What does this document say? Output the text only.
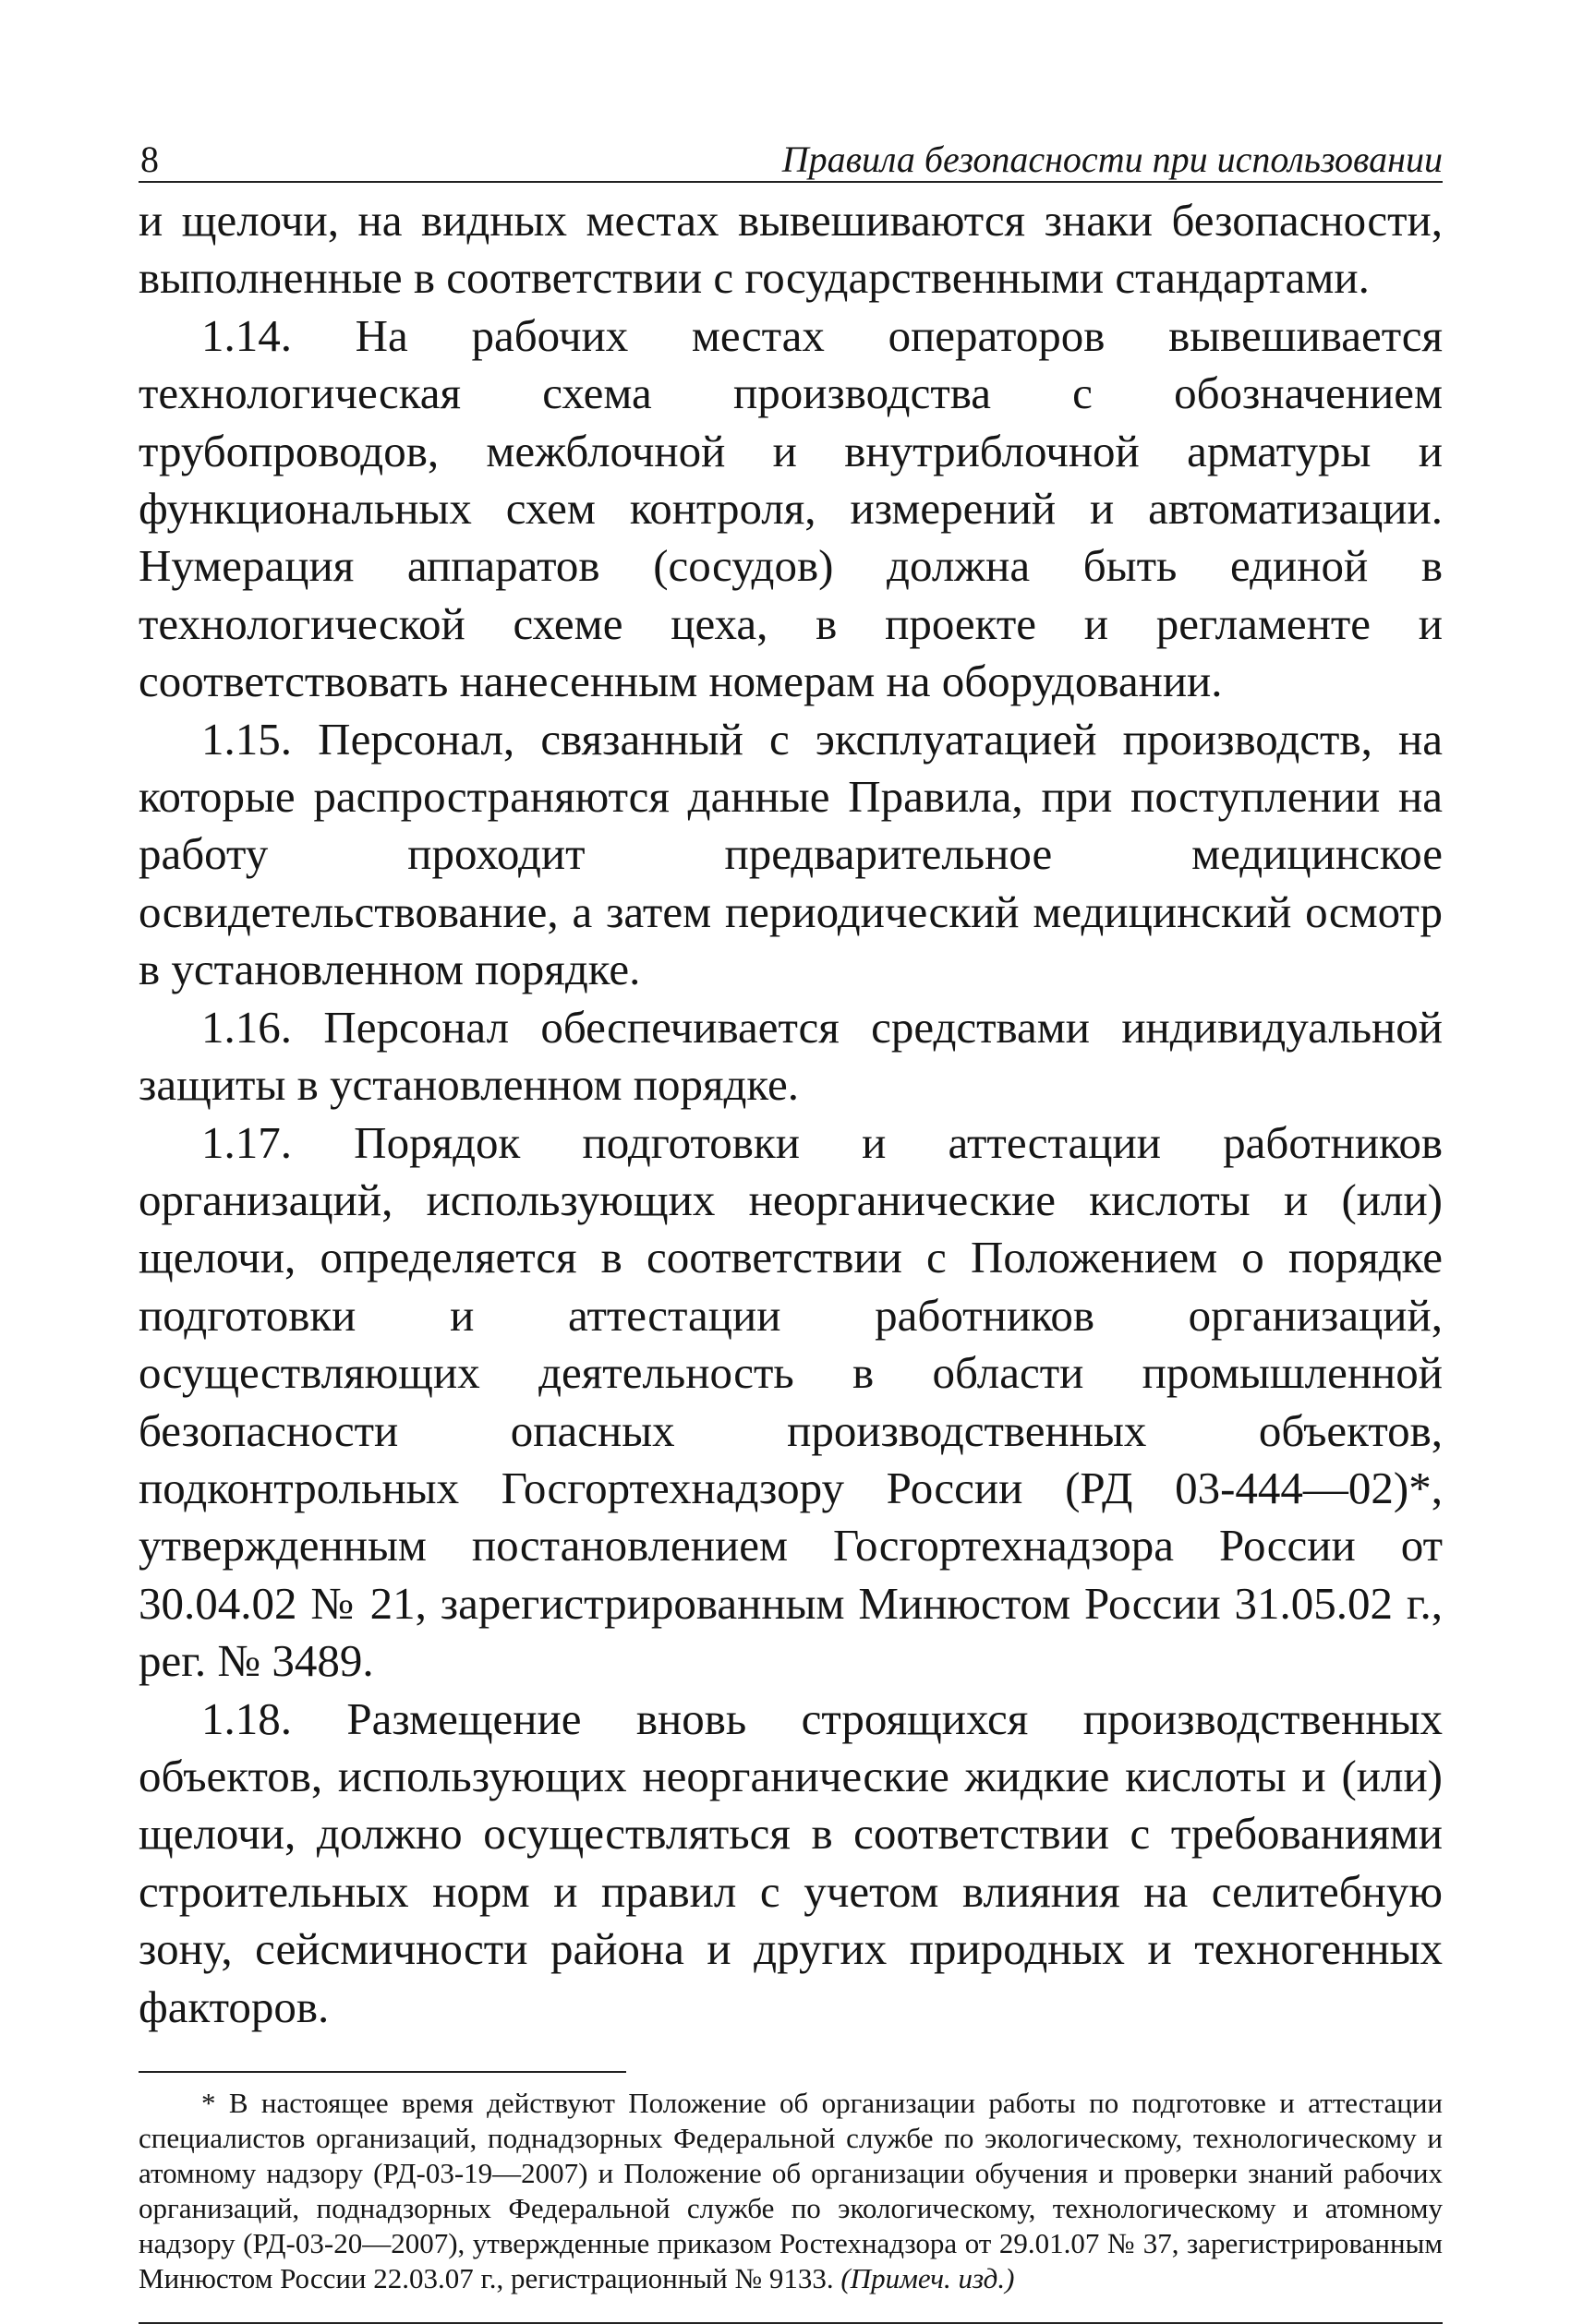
8	Правила безопасности при использовании

и щелочи, на видных местах вывешиваются знаки безопасности, выполненные в соответствии с государственными стандартами.

1.14. На рабочих местах операторов вывешивается технологическая схема производства с обозначением трубопроводов, межблочной и внутриблочной арматуры и функциональных схем контроля, измерений и автоматизации. Нумерация аппаратов (сосудов) должна быть единой в технологической схеме цеха, в проекте и регламенте и соответствовать нанесенным номерам на оборудовании.

1.15. Персонал, связанный с эксплуатацией производств, на которые распространяются данные Правила, при поступлении на работу проходит предварительное медицинское освидетельствование, а затем периодический медицинский осмотр в установленном порядке.

1.16. Персонал обеспечивается средствами индивидуальной защиты в установленном порядке.

1.17. Порядок подготовки и аттестации работников организаций, использующих неорганические кислоты и (или) щелочи, определяется в соответствии с Положением о порядке подготовки и аттестации работников организаций, осуществляющих деятельность в области промышленной безопасности опасных производственных объектов, подконтрольных Госгортехнадзору России (РД 03-444—02)*, утвержденным постановлением Госгортехнадзора России от 30.04.02 № 21, зарегистрированным Минюстом России 31.05.02 г., рег. № 3489.

1.18. Размещение вновь строящихся производственных объектов, использующих неорганические жидкие кислоты и (или) щелочи, должно осуществляться в соответствии с требованиями строительных норм и правил с учетом влияния на селитебную зону, сейсмичности района и других природных и техногенных факторов.

* В настоящее время действуют Положение об организации работы по подготовке и аттестации специалистов организаций, поднадзорных Федеральной службе по экологическому, технологическому и атомному надзору (РД-03-19—2007) и Положение об организации обучения и проверки знаний рабочих организаций, поднадзорных Федеральной службе по экологическому, технологическому и атомному надзору (РД-03-20—2007), утвержденные приказом Ростехнадзора от 29.01.07 № 37, зарегистрированным Минюстом России 22.03.07 г., регистрационный № 9133. (Примеч. изд.)
